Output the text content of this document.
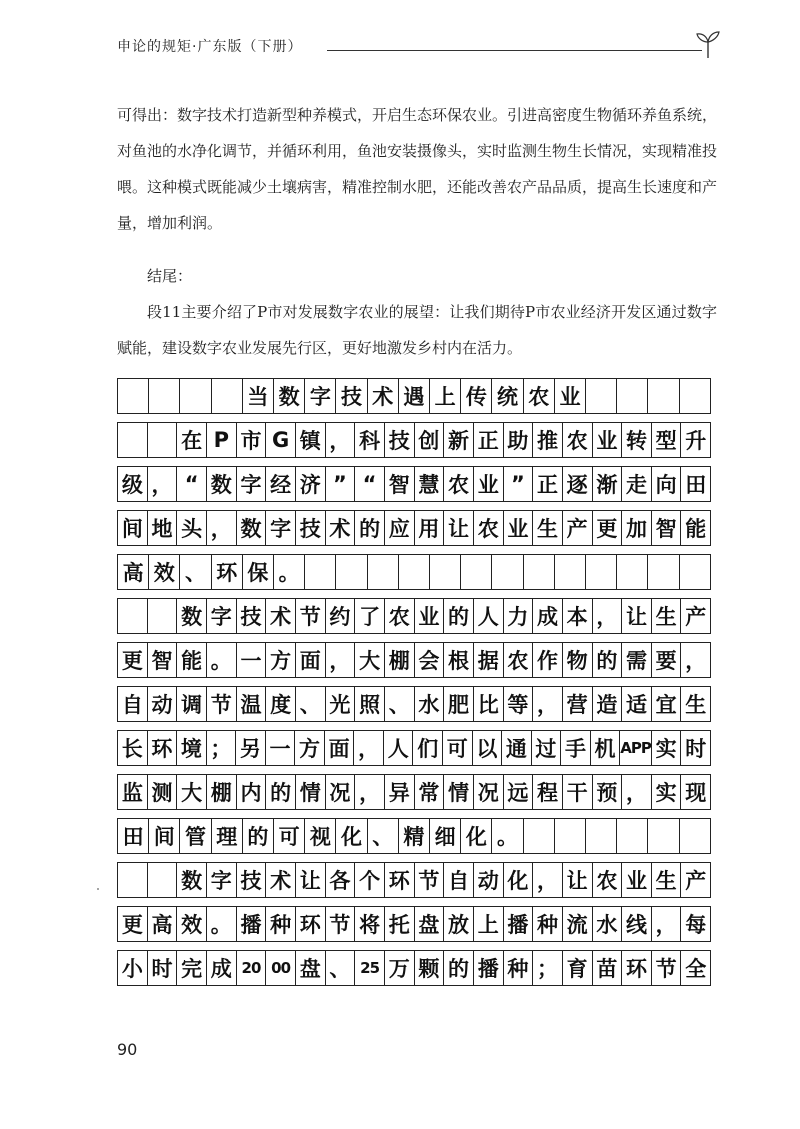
申论的规矩·广东版（下册）

可得出：数字技术打造新型种养模式，开启生态环保农业。引进高密度生物循环养鱼系统，对鱼池的水净化调节，并循环利用，鱼池安装摄像头，实时监测生物生长情况，实现精准投喂。这种模式既能减少土壤病害，精准控制水肥，还能改善农产品品质，提高生长速度和产量，增加利润。

结尾：

段11主要介绍了P市对发展数字农业的展望：让我们期待P市农业经济开发区通过数字赋能，建设数字农业发展先行区，更好地激发乡村内在活力。

当 数 字 技 术 遇 上 传 统 农 业
在 P 市 G 镇 ， 科 技 创 新 正 助 推 农 业 转 型 升
级 ， “ 数 字 经 济 ” “ 智 慧 农 业 ” 正 逐 渐 走 向 田
间 地 头 ， 数 字 技 术 的 应 用 让 农 业 生 产 更 加 智 能
高 效 、 环 保 。
数 字 技 术 节 约 了 农 业 的 人 力 成 本 ， 让 生 产
更 智 能 。 一 方 面 ， 大 棚 会 根 据 农 作 物 的 需 要 ，
自 动 调 节 温 度 、 光 照 、 水 肥 比 等 ， 营 造 适 宜 生
长 环 境 ； 另 一 方 面 ， 人 们 可 以 通 过 手 机 APP 实 时
监 测 大 棚 内 的 情 况 ， 异 常 情 况 远 程 干 预 ， 实 现
田 间 管 理 的 可 视 化 、 精 细 化 。
数 字 技 术 让 各 个 环 节 自 动 化 ， 让 农 业 生 产
更 高 效 。 播 种 环 节 将 托 盘 放 上 播 种 流 水 线 ， 每
小 时 完 成 20 00 盘 、 25 万 颗 的 播 种 ； 育 苗 环 节 全
90
